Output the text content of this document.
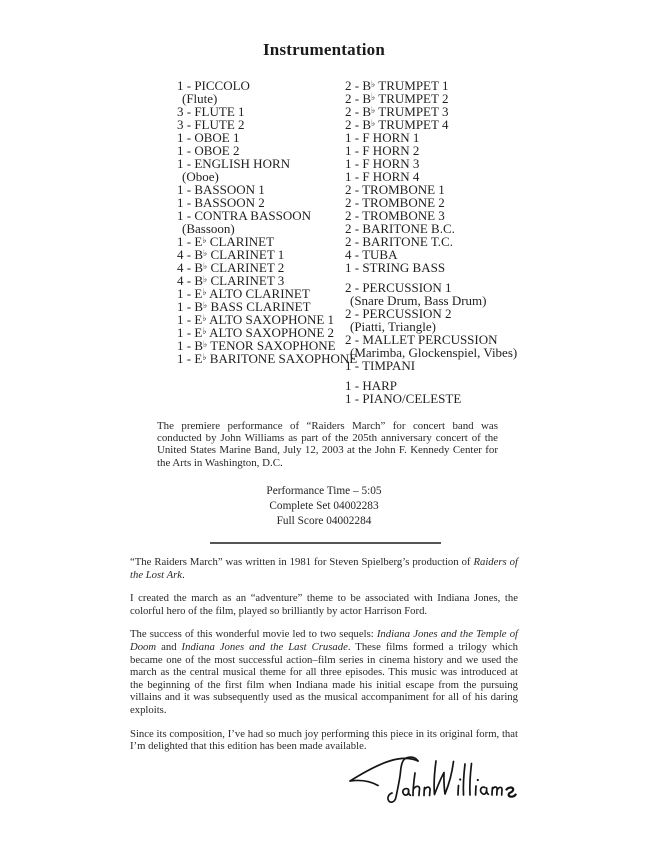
Instrumentation
1 - PICCOLO
(Flute)
3 - FLUTE 1
3 - FLUTE 2
1 - OBOE 1
1 - OBOE 2
1 - ENGLISH HORN
(Oboe)
1 - BASSOON 1
1 - BASSOON 2
1 - CONTRA BASSOON
(Bassoon)
1 - E♭ CLARINET
4 - B♭ CLARINET 1
4 - B♭ CLARINET 2
4 - B♭ CLARINET 3
1 - E♭ ALTO CLARINET
1 - B♭ BASS CLARINET
1 - E♭ ALTO SAXOPHONE 1
1 - E♭ ALTO SAXOPHONE 2
1 - B♭ TENOR SAXOPHONE
1 - E♭ BARITONE SAXOPHONE
2 - B♭ TRUMPET 1
2 - B♭ TRUMPET 2
2 - B♭ TRUMPET 3
2 - B♭ TRUMPET 4
1 - F HORN 1
1 - F HORN 2
1 - F HORN 3
1 - F HORN 4
2 - TROMBONE 1
2 - TROMBONE 2
2 - TROMBONE 3
2 - BARITONE B.C.
2 - BARITONE T.C.
4 - TUBA
1 - STRING BASS
2 - PERCUSSION 1
(Snare Drum, Bass Drum)
2 - PERCUSSION 2
(Piatti, Triangle)
2 - MALLET PERCUSSION
(Marimba, Glockenspiel, Vibes)
1 - TIMPANI
1 - HARP
1 - PIANO/CELESTE

The premiere performance of “Raiders March” for concert band was conducted by John Williams as part of the 205th anniversary concert of the United States Marine Band, July 12, 2003 at the John F. Kennedy Center for the Arts in Washington, D.C.

Performance Time – 5:05
Complete Set 04002283
Full Score 04002284

“The Raiders March” was written in 1981 for Steven Spielberg’s production of Raiders of the Lost Ark.

I created the march as an “adventure” theme to be associated with Indiana Jones, the colorful hero of the film, played so brilliantly by actor Harrison Ford.

The success of this wonderful movie led to two sequels: Indiana Jones and the Temple of Doom and Indiana Jones and the Last Crusade. These films formed a trilogy which became one of the most successful action–film series in cinema history and we used the march as the central musical theme for all three episodes. This music was introduced at the beginning of the first film when Indiana made his initial escape from the pursuing villains and it was subsequently used as the musical accompaniment for all of his daring exploits.

Since its composition, I’ve had so much joy performing this piece in its original form, that I’m delighted that this edition has been made available.
